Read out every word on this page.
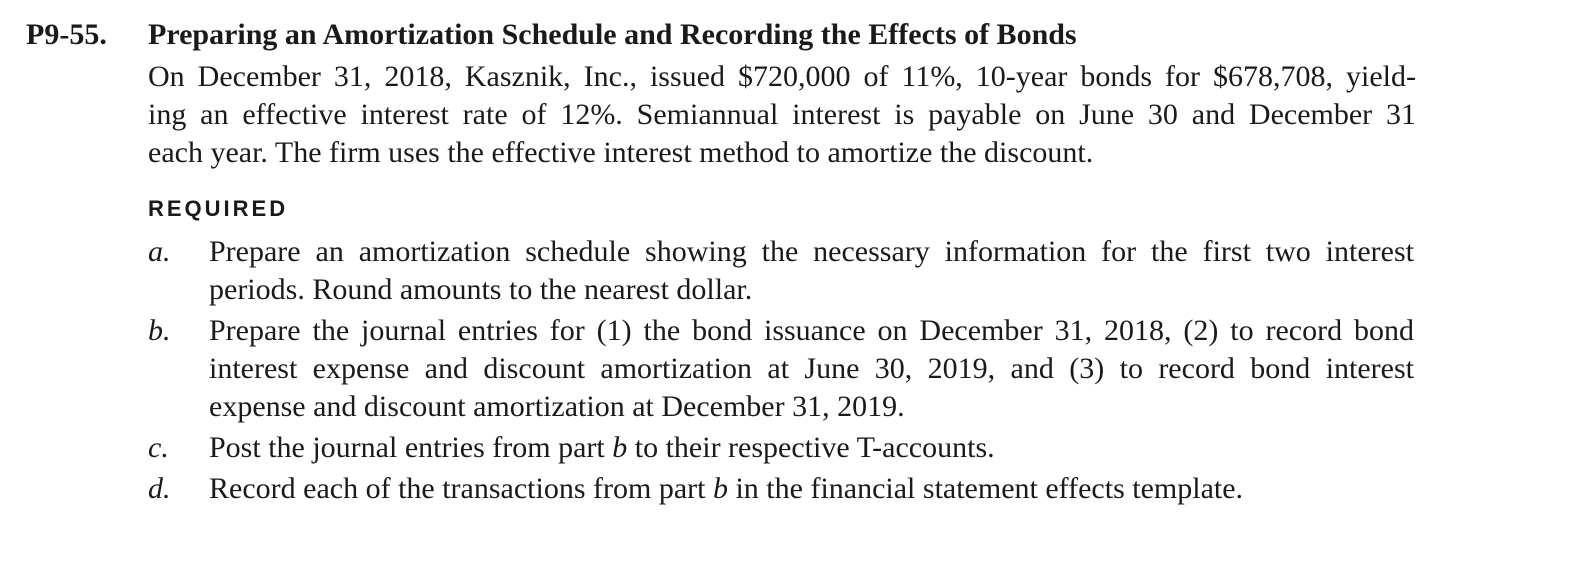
P9-55.	Preparing an Amortization Schedule and Recording the Effects of Bonds
On December 31, 2018, Kasznik, Inc., issued $720,000 of 11%, 10-year bonds for $678,708, yield-
ing an effective interest rate of 12%. Semiannual interest is payable on June 30 and December 31
each year. The firm uses the effective interest method to amortize the discount.
REQUIRED
a.	Prepare an amortization schedule showing the necessary information for the first two interest
periods. Round amounts to the nearest dollar.
b.	Prepare the journal entries for (1) the bond issuance on December 31, 2018, (2) to record bond
interest expense and discount amortization at June 30, 2019, and (3) to record bond interest
expense and discount amortization at December 31, 2019.
c.	Post the journal entries from part b to their respective T-accounts.
d.	Record each of the transactions from part b in the financial statement effects template.
